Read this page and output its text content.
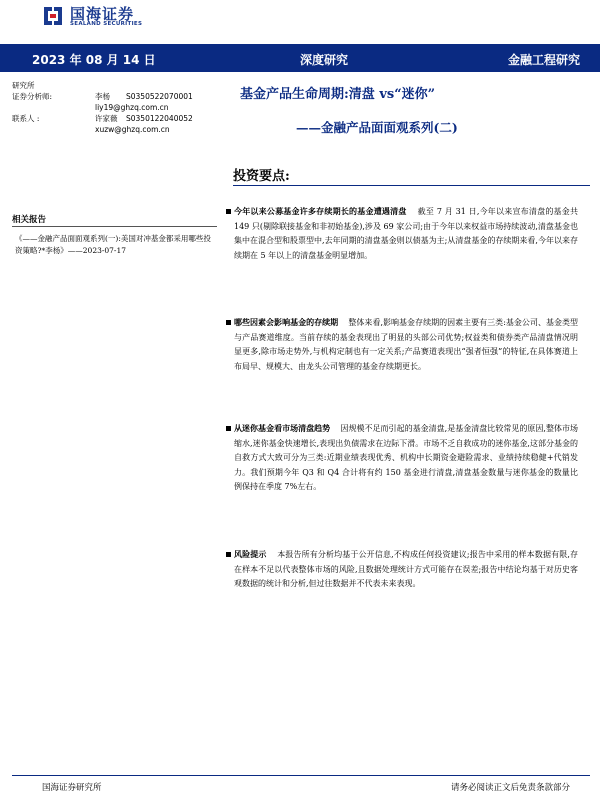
国海证券
SEALAND SECURITIES
2023 年 08 月 14 日	深度研究	金融工程研究
研究所
证券分析师:	李杨 S0350522070001
liy19@ghzq.com.cn
联系人 :	许家薇 S0350122040052
xuzw@ghzq.com.cn
基金产品生命周期:清盘 vs“迷你”
——金融产品面面观系列(二)
投资要点:
相关报告
《——金融产品面面观系列(一):美国对冲基金都采用哪些投资策略?*李杨》——2023-07-17
今年以来公募基金许多存续期长的基金遭遇清盘 截至 7 月 31 日,今年以来宣布清盘的基金共 149 只(剔除联接基金和非初始基金),涉及 69 家公司;由于今年以来权益市场持续波动,清盘基金也集中在混合型和股票型中,去年同期的清盘基金则以债基为主;从清盘基金的存续期来看,今年以来存续期在 5 年以上的清盘基金明显增加。
哪些因素会影响基金的存续期 整体来看,影响基金存续期的因素主要有三类:基金公司、基金类型与产品赛道维度。当前存续的基金表现出了明显的头部公司优势;权益类和债券类产品清盘情况明显更多,除市场走势外,与机构定制也有一定关系;产品赛道表现出“强者恒强”的特征,在具体赛道上布局早、规模大、由龙头公司管理的基金存续期更长。
从迷你基金看市场清盘趋势 因规模不足而引起的基金清盘,是基金清盘比较常见的原因,整体市场缩水,迷你基金快速增长,表现出负债需求在边际下滑。市场不乏自救成功的迷你基金,这部分基金的自救方式大致可分为三类:近期业绩表现优秀、机构中长期资金避险需求、业绩持续稳健+代销发力。我们预期今年 Q3 和 Q4 合计将有约 150 基金进行清盘,清盘基金数量与迷你基金的数量比例保持在季度 7%左右。
风险提示 本报告所有分析均基于公开信息,不构成任何投资建议;报告中采用的样本数据有限,存在样本不足以代表整体市场的风险,且数据处理统计方式可能存在误差;报告中结论均基于对历史客观数据的统计和分析,但过往数据并不代表未来表现。
国海证券研究所	请务必阅读正文后免责条款部分
